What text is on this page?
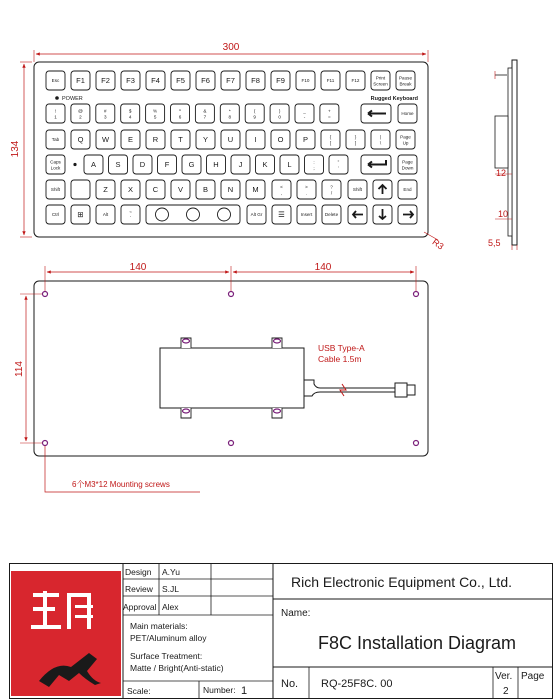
300
134
R3
Esc F1 F2 F3 F4 F5 F6 F7 F8 F9	F10	F11	F12
Print
Screen
Pause
Break
!
1
@
2
#
3
$
4
%
5
^
6
&
7
*
8
(
9
)
0
_
-
+
=
Home
Tab Q W	E	R	T	Y	U	I	O	P	{
[
}
]
|
\
Page
Up
Caps
Lock	A	S	D	F	G	H	J	K	L	:
;
"
'
Page
Down
Shift	Z	X	C	V	B	N	M	<
,
>
.
?
/
Shift	End
Ctrl ⊞	Alt
~
`
Alt Gr ☰	Insert	Delete
POWER	Rugged Keyboard
12
10
5,5
140	140
114
USB Type-A
Cable 1.5m
6个M3*12 Mounting screws
Design A.Yu
Review S.JL
Approval Alex
Main materials:
PET/Aluminum alloy
Surface Treatment:
Matte / Bright(Anti-static)
Scale:	Number: 1
Rich Electronic Equipment Co., Ltd.
Name:
F8C Installation Diagram
No. RQ-25F8C. 00
Ver.
2
Page
